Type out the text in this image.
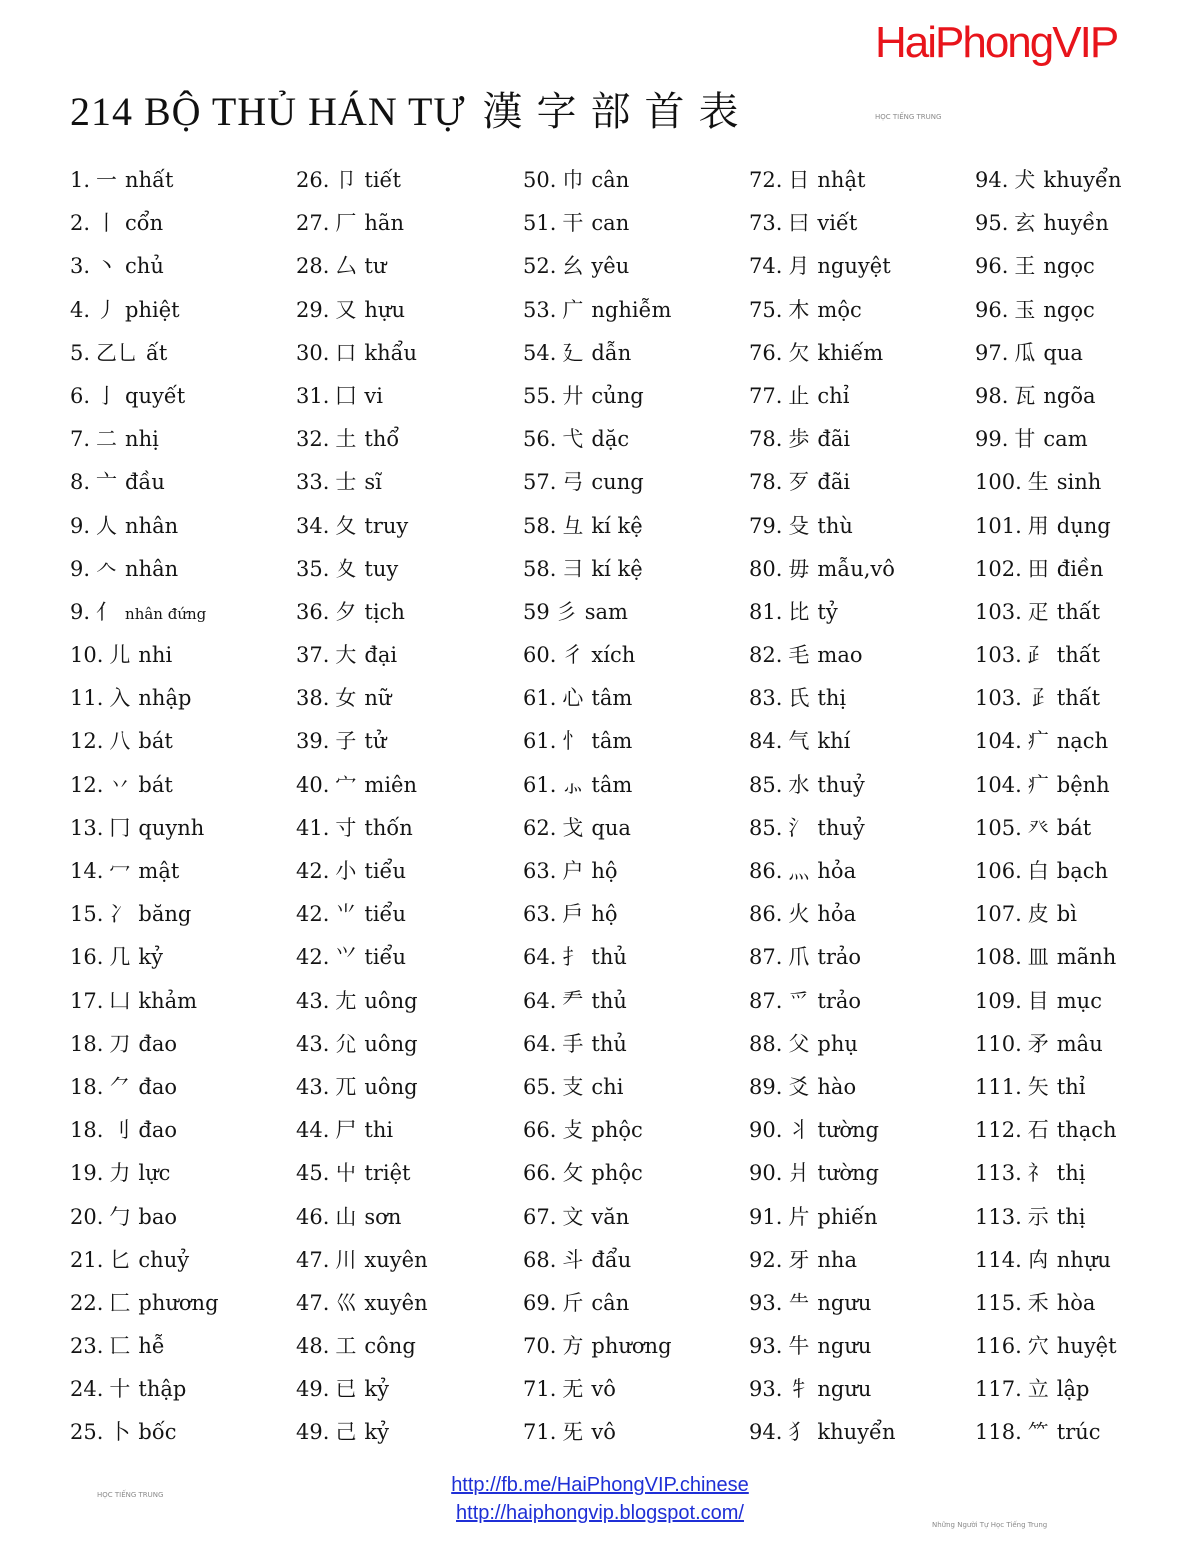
HaiPhongVIP
214 BỘ THỦ HÁN TỰ 漢字部首表	HỌC TIẾNG TRUNG
1. 一 nhất
2. 丨 cổn
3. 丶 chủ
4. 丿 phiệt
5. 乙乚 ất
6. 亅 quyết
7. 二 nhị
8. 亠 đầu
9. 人 nhân
9. 𠆢 nhân
9. 亻 nhân đứng
10. 儿 nhi
11. 入 nhập
12. 八 bát
12. 丷 bát
13. 冂 quynh
14. 冖 mật
15. 冫 băng
16. 几 kỷ
17. 凵 khảm
18. 刀 đao
18. ⺈ đao
18. 刂 đao
19. 力 lực
20. 勹 bao
21. 匕 chuỷ
22. 匚 phương
23. 匸 hễ
24. 十 thập
25. 卜 bốc
26. 卩 tiết
27. 厂 hãn
28. 厶 tư
29. 又 hựu
30. 口 khẩu
31. 囗 vi
32. 土 thổ
33. 士 sĩ
34. 夂 truy
35. 夊 tuy
36. 夕 tịch
37. 大 đại
38. 女 nữ
39. 子 tử
40. 宀 miên
41. 寸 thốn
42. 小 tiểu
42. ⺌ tiểu
42. ⺍ tiểu
43. 尢 uông
43. 尣 uông
43. 兀 uông
44. 尸 thi
45. 屮 triệt
46. 山 sơn
47. 川 xuyên
47. 巛 xuyên
48. 工 công
49. 已 kỷ
49. 己 kỷ
50. 巾 cân
51. 干 can
52. 幺 yêu
53. 广 nghiễm
54. 廴 dẫn
55. 廾 củng
56. 弋 dặc
57. 弓 cung
58. 彑 kí kệ
58. 彐 kí kệ
59 彡 sam
60. 彳 xích
61. 心 tâm
61. 忄 tâm
61. ⺗ tâm
62. 戈 qua
63. 户 hộ
63. 戶 hộ
64. 扌 thủ
64. 龵 thủ
64. 手 thủ
65. 支 chi
66. 攴 phộc
66. 攵 phộc
67. 文 văn
68. 斗 đẩu
69. 斤 cân
70. 方 phương
71. 无 vô
71. 旡 vô
72. 日 nhật
73. 曰 viết
74. 月 nguyệt
75. 木 mộc
76. 欠 khiếm
77. 止 chỉ
78. 歩 đãi
78. 歹 đãi
79. 殳 thù
80. 毋 mẫu,vô
81. 比 tỷ
82. 毛 mao
83. 氏 thị
84. 气 khí
85. 水 thuỷ
85. 氵 thuỷ
86. 灬 hỏa
86. 火 hỏa
87. 爪 trảo
87. 爫 trảo
88. 父 phụ
89. 爻 hào
90. 丬 tường
90. 爿 tường
91. 片 phiến
92. 牙 nha
93. ⺧ ngưu
93. 牛 ngưu
93. 牜 ngưu
94. 犭 khuyển
94. 犬 khuyển
95. 玄 huyền
96. 王 ngọc
96. 玉 ngọc
97. 瓜 qua
98. 瓦 ngõa
99. 甘 cam
100. 生 sinh
101. 用 dụng
102. 田 điền
103. 疋 thất
103. ⺪ thất
103. 𤴔 thất
104. 疒 nạch
104. 疒 bệnh
105. 癶 bát
106. 白 bạch
107. 皮 bì
108. 皿 mãnh
109. 目 mục
110. 矛 mâu
111. 矢 thỉ
112. 石 thạch
113. 礻 thị
113. 示 thị
114. 禸 nhựu
115. 禾 hòa
116. 穴 huyệt
117. 立 lập
118. ⺮ trúc
HỌC TIẾNG TRUNG	http://fb.me/HaiPhongVIP.chinese
http://haiphongvip.blogspot.com/
Những Người Tự Học Tiếng Trung
